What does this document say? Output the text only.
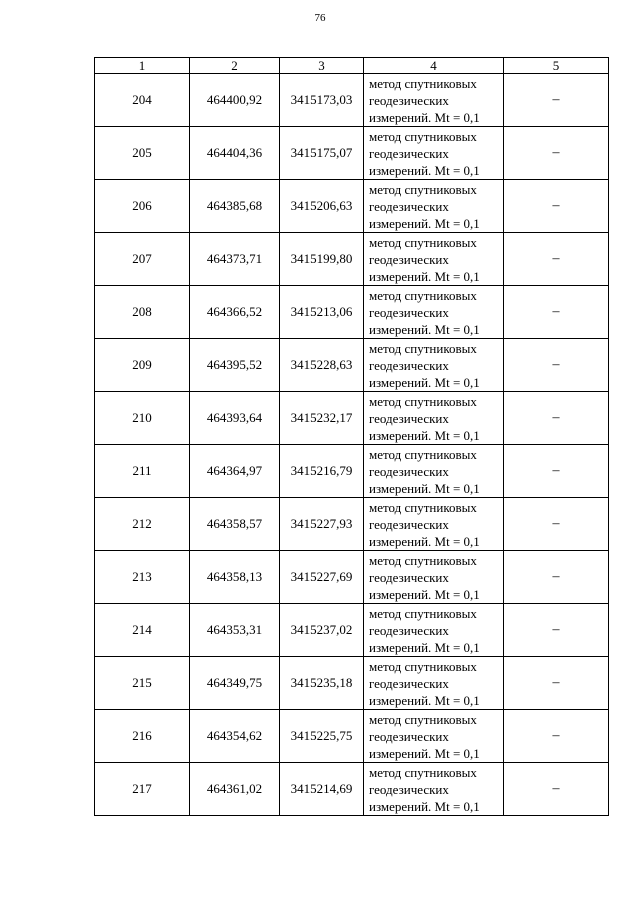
76
1	2	3	4	5
204	464400,92	3415173,03	метод спутниковых
геодезических
измерений. Mt = 0,1	–
205	464404,36	3415175,07	метод спутниковых
геодезических
измерений. Mt = 0,1	–
206	464385,68	3415206,63	метод спутниковых
геодезических
измерений. Mt = 0,1	–
207	464373,71	3415199,80	метод спутниковых
геодезических
измерений. Mt = 0,1	–
208	464366,52	3415213,06	метод спутниковых
геодезических
измерений. Mt = 0,1	–
209	464395,52	3415228,63	метод спутниковых
геодезических
измерений. Mt = 0,1	–
210	464393,64	3415232,17	метод спутниковых
геодезических
измерений. Mt = 0,1	–
211	464364,97	3415216,79	метод спутниковых
геодезических
измерений. Mt = 0,1	–
212	464358,57	3415227,93	метод спутниковых
геодезических
измерений. Mt = 0,1	–
213	464358,13	3415227,69	метод спутниковых
геодезических
измерений. Mt = 0,1	–
214	464353,31	3415237,02	метод спутниковых
геодезических
измерений. Mt = 0,1	–
215	464349,75	3415235,18	метод спутниковых
геодезических
измерений. Mt = 0,1	–
216	464354,62	3415225,75	метод спутниковых
геодезических
измерений. Mt = 0,1	–
217	464361,02	3415214,69	метод спутниковых
геодезических
измерений. Mt = 0,1	–
